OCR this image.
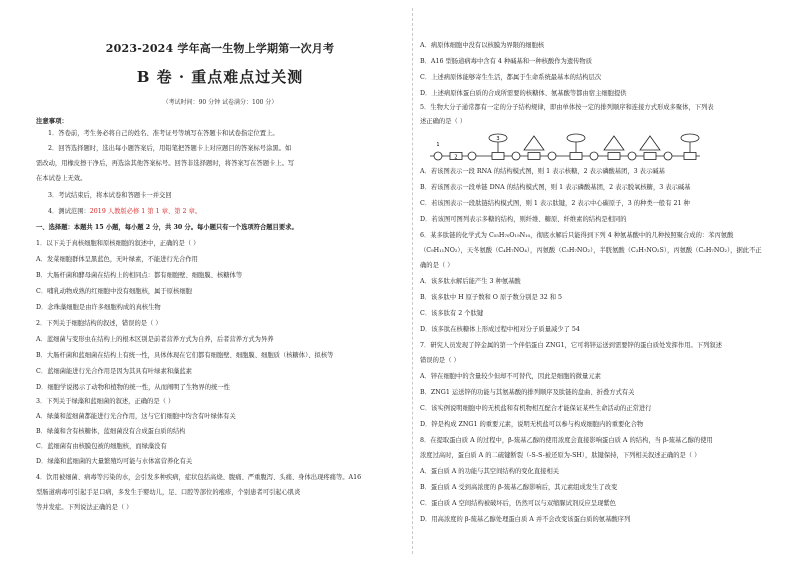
2023-2024 学年高一生物上学期第一次月考
B 卷 · 重点难点过关测
（考试时间：90 分钟 试卷满分：100 分）
注意事项：
1．答卷前，考生务必将自己的姓名、准考证号等填写在答题卡和试卷指定位置上。
2．回答选择题时，选出每小题答案后，用铅笔把答题卡上对应题目的答案标号涂黑。如
需改动，用橡皮擦干净后，再选涂其他答案标号。回答非选择题时，将答案写在答题卡上。写
在本试卷上无效。
3．考试结束后，将本试卷和答题卡一并交回
4．测试范围：2019 人教版必修 1 第 1 章、第 2 章。
一、选择题：本题共 15 小题，每小题 2 分，共 30 分。每小题只有一个选项符合题目要求。
1．以下关于真核细胞和原核细胞的叙述中，正确的是（ ）
A．发菜细胞群体呈黑蓝色，无叶绿素，不能进行光合作用
B．大肠杆菌和酵母菌在结构上的相同点：都有细胞壁、细胞膜、核糖体等
C．哺乳动物成熟的红细胞中没有细胞核，属于原核细胞
D．念珠藻细胞是由许多细胞构成的真核生物
2．下列关于细胞结构的叙述，错误的是（ ）
A．蓝细菌与变形虫在结构上的根本区别是前者营养方式为自养，后者营养方式为异养
B．大肠杆菌和蓝细菌在结构上有统一性，具体体现在它们都有细胞壁、细胞膜、细胞质（核糖体）、拟核等
C．蓝细菌能进行光合作用是因为其具有叶绿素和藻蓝素
D．细胞学说揭示了动物和植物的统一性，从而阐明了生物界的统一性
3．下列关于绿藻和蓝细菌的叙述，正确的是（ ）
A．绿藻和蓝细菌都能进行光合作用，这与它们细胞中均含有叶绿体有关
B．绿藻和含有核糖体，蓝细菌没有合成蛋白质的结构
C．蓝细菌有由核膜包被的细胞核，而绿藻没有
D．绿藻和蓝细菌的大量繁殖均可能与水体富营养化有关
4．饮用被细菌、病毒等污染的水，会引发多种疾病，症状包括高烧、腹痛、严重腹泻、头痛、身体出现疼痛等。A16
型肠道病毒可引起手足口病，多发生于婴幼儿，足、口腔等部位的疱疹，个别患者可引起心肌炎
等并发症。下列说法正确的是（ ）
A．病原体细胞中没有以核膜为界限的细胞核
B．A16 型肠道病毒中含有 4 种碱基和一种核酸作为遗传物质
C．上述病原体能够寄生生活，都属于生命系统最基本的结构层次
D．上述病原体蛋白质的合成所需要的核糖体、氨基酸等都由宿主细胞提供
5．生物大分子通常都有一定的分子结构规律，即由单体按一定的排列顺序和连接方式形成多聚体，下列表
述正确的是（ ）
2
1
3
A．若该图表示一段 RNA 的结构模式图，则 1 表示核糖，2 表示磷酸基团，3 表示碱基
B．若该图表示一段单链 DNA 的结构模式图，则 1 表示磷酸基团，2 表示脱氧核糖，3 表示碱基
C．若该图表示一段肽链结构模式图，则 1 表示肽键，2 表示中心碳原子，3 的种类一般有 21 种
D．若该图可图列表示多糖的结构，则纤维、糖原、纤维素的结构是相同的
6．某多肽链的化学式为 C₅₅H₇₀O₁₉N₁₀，彻底水解后只能得到下列 4 种氨基酸中的几种按照聚合成的：苯丙氨酸
（C₉H₁₁NO₂），天冬氨酸（C₄H₇NO₄），丙氨酸（C₃H₇NO₂），半胱氨酸（C₃H₇NO₂S），丙氨酸（C₃H₇NO₂），据此不正
确的是（ ）
A．该多肽水解后能产生 3 种氨基酸
B．该多肽中 H 原子数和 O 原子数分别是 32 和 5
C．该多肽有 2 个肽键
D．该多肽在核糖体上形成过程中相对分子质量减少了 54
7．研究人员发现了锌金属的第一个伴侣蛋白 ZNG1，它可将锌运送到需要锌的蛋白质处发挥作用。下列叙述
错误的是（ ）
A．锌在细胞中的含量较少但却不可替代，因此是细胞的微量元素
B．ZNG1 运送锌的功能与其氨基酸的排列顺序及肽链的盘曲、折叠方式有关
C．该实例说明细胞中的无机盐和有机物相互配合才能保证某些生命活动的正常进行
D．锌是构成 ZNG1 的重要元素，说明无机盐可以参与构成细胞内的重要化合物
8．在提取蛋白质 A 的过程中，β-巯基乙醇的使用浓度会直接影响蛋白质 A 的结构，当 β-巯基乙醇的使用
浓度过高时，蛋白质 A 的二硫键断裂（-S-S-被还原为-SH），肽键保持，下列相关叙述正确的是（ ）
A．蛋白质 A 的功能与其空间结构的变化直接相关
B．蛋白质 A 受到高浓度的 β-巯基乙醇影响后，其元素组成发生了改变
C．蛋白质 A 空间结构被破坏后，仍然可以与双缩脲试剂反应呈现紫色
D．用高浓度的 β-巯基乙醇处理蛋白质 A 并不会改变该蛋白质的氨基酸序列
